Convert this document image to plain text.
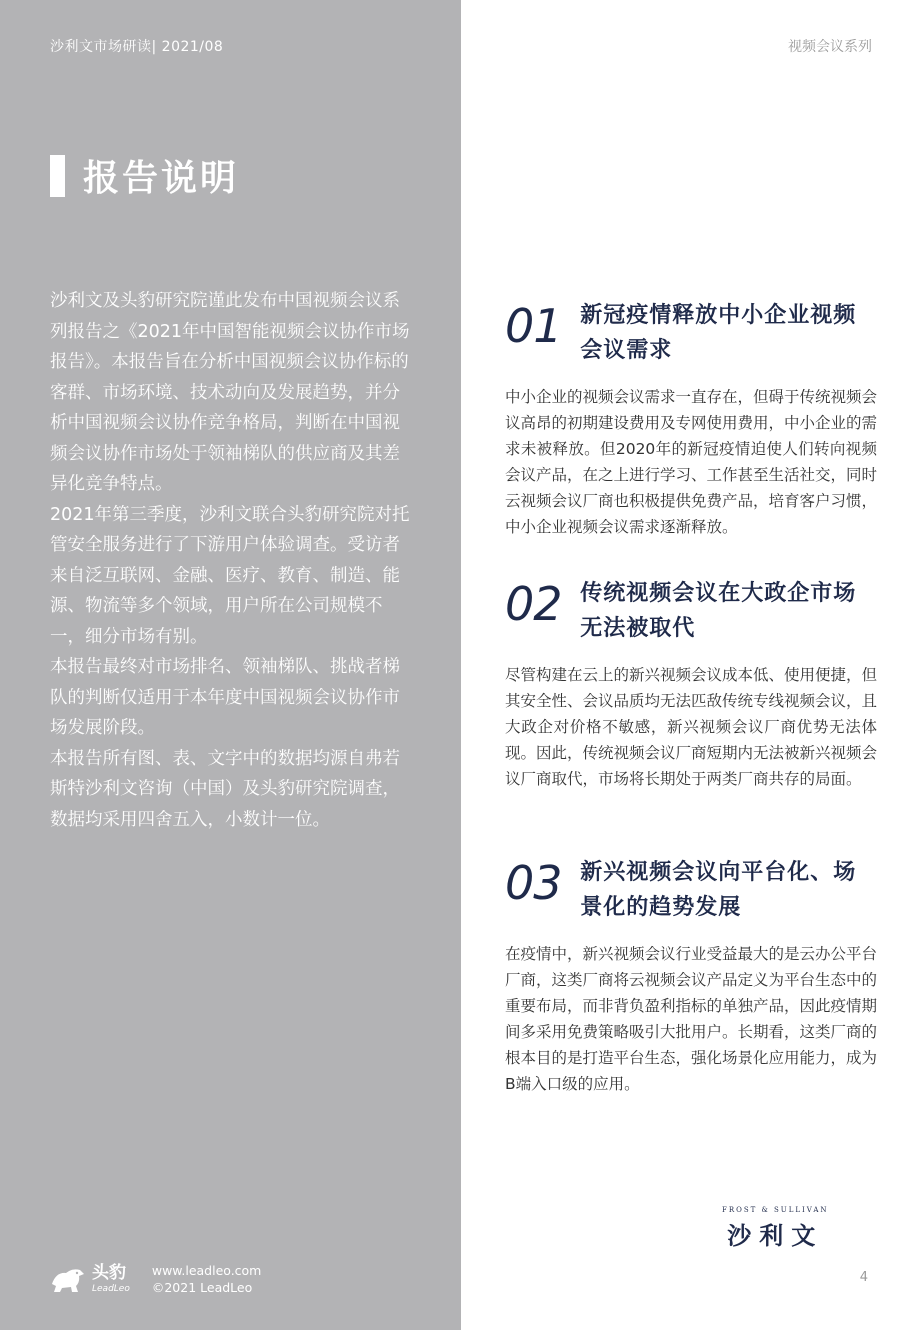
沙利文市场研读| 2021/08	视频会议系列
报告说明

沙利文及头豹研究院谨此发布中国视频会议系列报告之《2021年中国智能视频会议协作市场报告》。本报告旨在分析中国视频会议协作标的客群、市场环境、技术动向及发展趋势，并分析中国视频会议协作竞争格局，判断在中国视频会议协作市场处于领袖梯队的供应商及其差异化竞争特点。

2021年第三季度，沙利文联合头豹研究院对托管安全服务进行了下游用户体验调查。受访者来自泛互联网、金融、医疗、教育、制造、能源、物流等多个领域，用户所在公司规模不一，细分市场有别。

本报告最终对市场排名、领袖梯队、挑战者梯队的判断仅适用于本年度中国视频会议协作市场发展阶段。

本报告所有图、表、文字中的数据均源自弗若斯特沙利文咨询（中国）及头豹研究院调查，数据均采用四舍五入，小数计一位。

01 新冠疫情释放中小企业视频会议需求
中小企业的视频会议需求一直存在，但碍于传统视频会议高昂的初期建设费用及专网使用费用，中小企业的需求未被释放。但2020年的新冠疫情迫使人们转向视频会议产品，在之上进行学习、工作甚至生活社交，同时云视频会议厂商也积极提供免费产品，培育客户习惯，中小企业视频会议需求逐渐释放。
02 传统视频会议在大政企市场无法被取代
尽管构建在云上的新兴视频会议成本低、使用便捷，但其安全性、会议品质均无法匹敌传统专线视频会议，且大政企对价格不敏感，新兴视频会议厂商优势无法体现。因此，传统视频会议厂商短期内无法被新兴视频会议厂商取代，市场将长期处于两类厂商共存的局面。
03 新兴视频会议向平台化、场景化的趋势发展
在疫情中，新兴视频会议行业受益最大的是云办公平台厂商，这类厂商将云视频会议产品定义为平台生态中的重要布局，而非背负盈利指标的单独产品，因此疫情期间多采用免费策略吸引大批用户。长期看，这类厂商的根本目的是打造平台生态，强化场景化应用能力，成为B端入口级的应用。
头豹
LeadLeo
www.leadleo.com
©2021 LeadLeo
FROST & SULLIVAN
沙利文
4
